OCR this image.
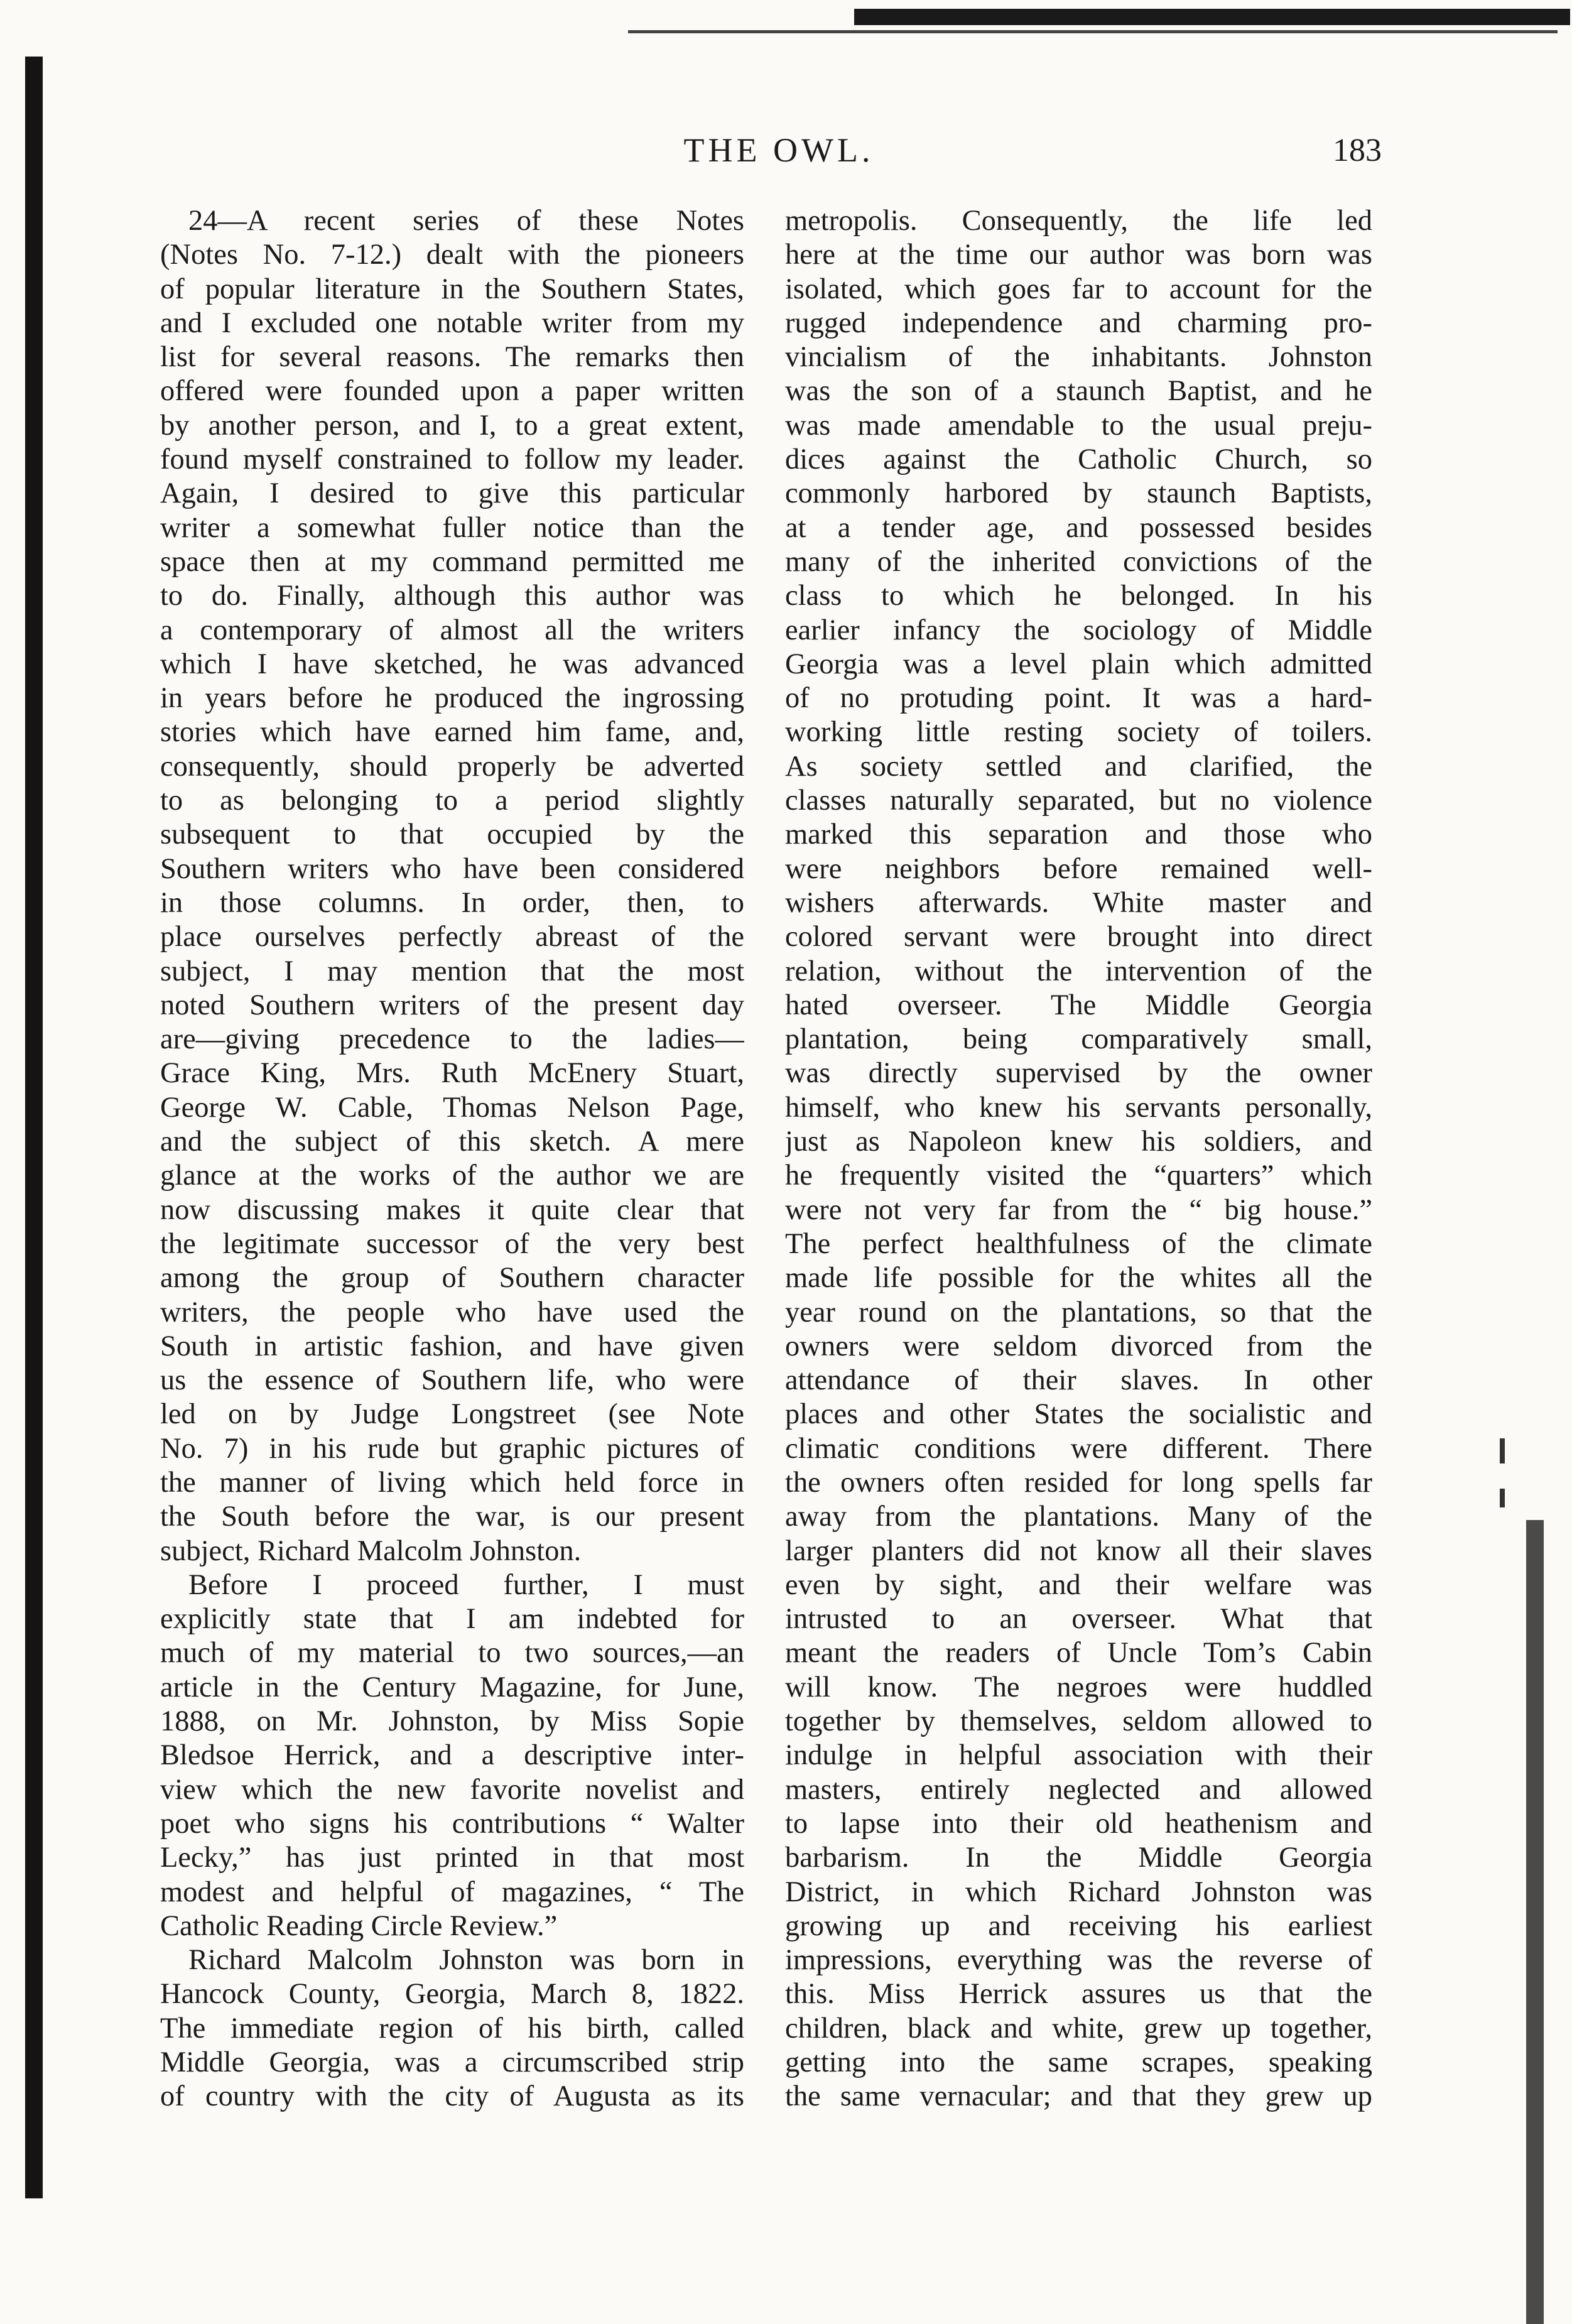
THE OWL.	183
24—A recent series of these Notes
(Notes No. 7-12.) dealt with the pioneers
of popular literature in the Southern States,
and I excluded one notable writer from my
list for several reasons. The remarks then
offered were founded upon a paper written
by another person, and I, to a great extent,
found myself constrained to follow my leader.
Again, I desired to give this particular
writer a somewhat fuller notice than the
space then at my command permitted me
to do. Finally, although this author was
a contemporary of almost all the writers
which I have sketched, he was advanced
in years before he produced the ingrossing
stories which have earned him fame, and,
consequently, should properly be adverted
to as belonging to a period slightly
subsequent to that occupied by the
Southern writers who have been considered
in those columns. In order, then, to
place ourselves perfectly abreast of the
subject, I may mention that the most
noted Southern writers of the present day
are—giving precedence to the ladies—
Grace King, Mrs. Ruth McEnery Stuart,
George W. Cable, Thomas Nelson Page,
and the subject of this sketch. A mere
glance at the works of the author we are
now discussing makes it quite clear that
the legitimate successor of the very best
among the group of Southern character
writers, the people who have used the
South in artistic fashion, and have given
us the essence of Southern life, who were
led on by Judge Longstreet (see Note
No. 7) in his rude but graphic pictures of
the manner of living which held force in
the South before the war, is our present
subject, Richard Malcolm Johnston.
Before I proceed further, I must
explicitly state that I am indebted for
much of my material to two sources,—an
article in the Century Magazine, for June,
1888, on Mr. Johnston, by Miss Sopie
Bledsoe Herrick, and a descriptive inter-
view which the new favorite novelist and
poet who signs his contributions “ Walter
Lecky,” has just printed in that most
modest and helpful of magazines, “ The
Catholic Reading Circle Review.”
Richard Malcolm Johnston was born in
Hancock County, Georgia, March 8, 1822.
The immediate region of his birth, called
Middle Georgia, was a circumscribed strip
of country with the city of Augusta as its
metropolis. Consequently, the life led
here at the time our author was born was
isolated, which goes far to account for the
rugged independence and charming pro-
vincialism of the inhabitants. Johnston
was the son of a staunch Baptist, and he
was made amendable to the usual preju-
dices against the Catholic Church, so
commonly harbored by staunch Baptists,
at a tender age, and possessed besides
many of the inherited convictions of the
class to which he belonged. In his
earlier infancy the sociology of Middle
Georgia was a level plain which admitted
of no protuding point. It was a hard-
working little resting society of toilers.
As society settled and clarified, the
classes naturally separated, but no violence
marked this separation and those who
were neighbors before remained well-
wishers afterwards. White master and
colored servant were brought into direct
relation, without the intervention of the
hated overseer. The Middle Georgia
plantation, being comparatively small,
was directly supervised by the owner
himself, who knew his servants personally,
just as Napoleon knew his soldiers, and
he frequently visited the “quarters” which
were not very far from the “ big house.”
The perfect healthfulness of the climate
made life possible for the whites all the
year round on the plantations, so that the
owners were seldom divorced from the
attendance of their slaves. In other
places and other States the socialistic and
climatic conditions were different. There
the owners often resided for long spells far
away from the plantations. Many of the
larger planters did not know all their slaves
even by sight, and their welfare was
intrusted to an overseer. What that
meant the readers of Uncle Tom’s Cabin
will know. The negroes were huddled
together by themselves, seldom allowed to
indulge in helpful association with their
masters, entirely neglected and allowed
to lapse into their old heathenism and
barbarism. In the Middle Georgia
District, in which Richard Johnston was
growing up and receiving his earliest
impressions, everything was the reverse of
this. Miss Herrick assures us that the
children, black and white, grew up together,
getting into the same scrapes, speaking
the same vernacular; and that they grew up
